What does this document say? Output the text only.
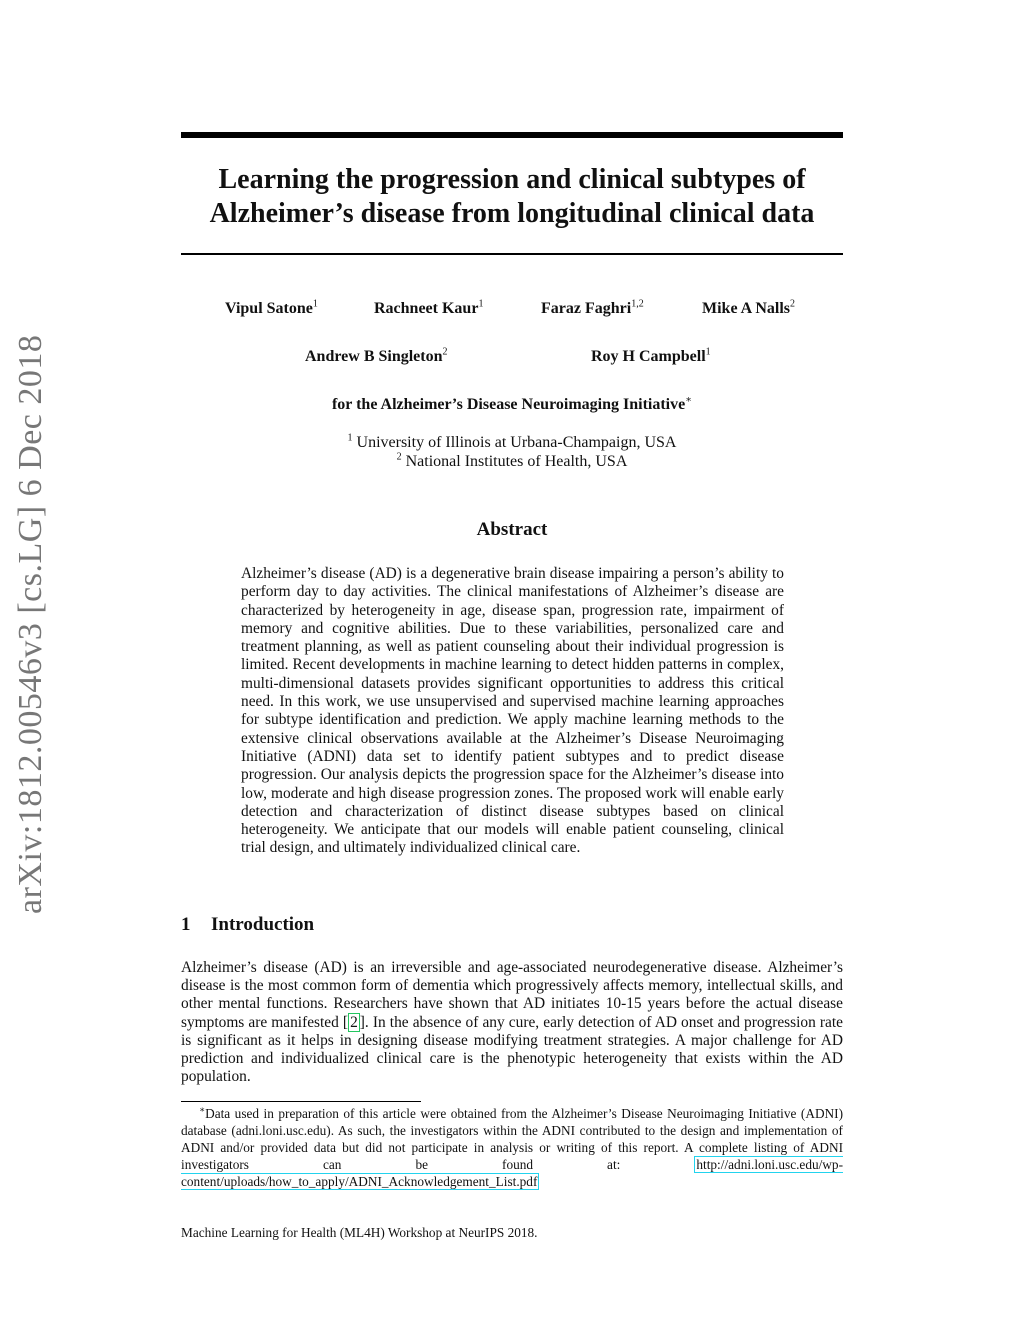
arXiv:1812.00546v3 [cs.LG] 6 Dec 2018
Learning the progression and clinical subtypes of
Alzheimer’s disease from longitudinal clinical data
Vipul Satone$^1$	Rachneet Kaur$^1$	Faraz Faghri$^{1,2}$	Mike A Nalls$^2$
Andrew B Singleton$^2$	Roy H Campbell$^1$
for the Alzheimer’s Disease Neuroimaging Initiative∗
$^1$ University of Illinois at Urbana-Champaign, USA
$^2$ National Institutes of Health, USA
Abstract
Alzheimer’s disease (AD) is a degenerative brain disease impairing a person’s ability to perform day to day activities. The clinical manifestations of Alzheimer’s disease are characterized by heterogeneity in age, disease span, progression rate, impairment of memory and cognitive abilities. Due to these variabilities, personalized care and treatment planning, as well as patient counseling about their individual progression is limited. Recent developments in machine learning to detect hidden patterns in complex, multi-dimensional datasets provides significant opportunities to address this critical need. In this work, we use unsupervised and supervised machine learning approaches for subtype identification and prediction. We apply machine learning methods to the extensive clinical observations available at the Alzheimer’s Disease Neuroimaging Initiative (ADNI) data set to identify patient subtypes and to predict disease progression. Our analysis depicts the progression space for the Alzheimer’s disease into low, moderate and high disease progression zones. The proposed work will enable early detection and characterization of distinct disease subtypes based on clinical heterogeneity. We anticipate that our models will enable patient counseling, clinical trial design, and ultimately individualized clinical care.
1 Introduction
Alzheimer’s disease (AD) is an irreversible and age-associated neurodegenerative disease. Alzheimer’s disease is the most common form of dementia which progressively affects memory, intellectual skills, and other mental functions. Researchers have shown that AD initiates 10-15 years before the actual disease symptoms are manifested [ 2 ]. In the absence of any cure, early detection of AD onset and progression rate is significant as it helps in designing disease modifying treatment strategies. A major challenge for AD prediction and individualized clinical care is the phenotypic heterogeneity that exists within the AD population.
∗Data used in preparation of this article were obtained from the Alzheimer’s Disease Neuroimaging Initiative (ADNI) database (adni.loni.usc.edu). As such, the investigators within the ADNI contributed to the design and implementation of ADNI and/or provided data but did not participate in analysis or writing of this report. A complete listing of ADNI investigators can be found at: http://adni.loni.usc.edu/wp-content/uploads/how_to_apply/ADNI_Acknowledgement_List.pdf
Machine Learning for Health (ML4H) Workshop at NeurIPS 2018.
